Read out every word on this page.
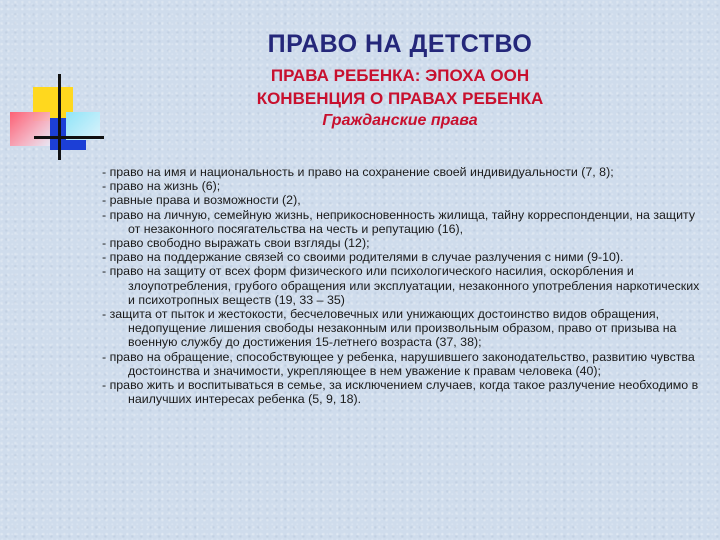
ПРАВО НА ДЕТСТВО
ПРАВА РЕБЕНКА: ЭПОХА ООН
КОНВЕНЦИЯ О ПРАВАХ РЕБЕНКА
Гражданские права
- право на имя и национальность и право на сохранение своей индивидуальности (7, 8);
- право на жизнь (6);
- равные права и возможности (2),
- право на личную, семейную жизнь, неприкосновенность жилища, тайну корреспонденции, на защиту от незаконного посягательства на честь и репутацию (16),
- право свободно выражать свои взгляды (12);
- право на поддержание связей со своими родителями в случае разлучения с ними (9-10).
- право на защиту от всех форм физического или психологического насилия, оскорбления и злоупотребления, грубого обращения или эксплуатации, незаконного употребления наркотических и психотропных веществ (19, 33 – 35)
- защита от пыток и жестокости, бесчеловечных или унижающих достоинство видов обращения, недопущение лишения свободы незаконным или произвольным образом, право от призыва на военную службу до достижения 15-летнего возраста (37, 38);
- право на обращение, способствующее у ребенка, нарушившего законодательство, развитию чувства достоинства и значимости, укрепляющее в нем уважение к правам человека (40);
- право жить и воспитываться в семье, за исключением случаев, когда такое разлучение необходимо в наилучших интересах ребенка (5, 9, 18).
